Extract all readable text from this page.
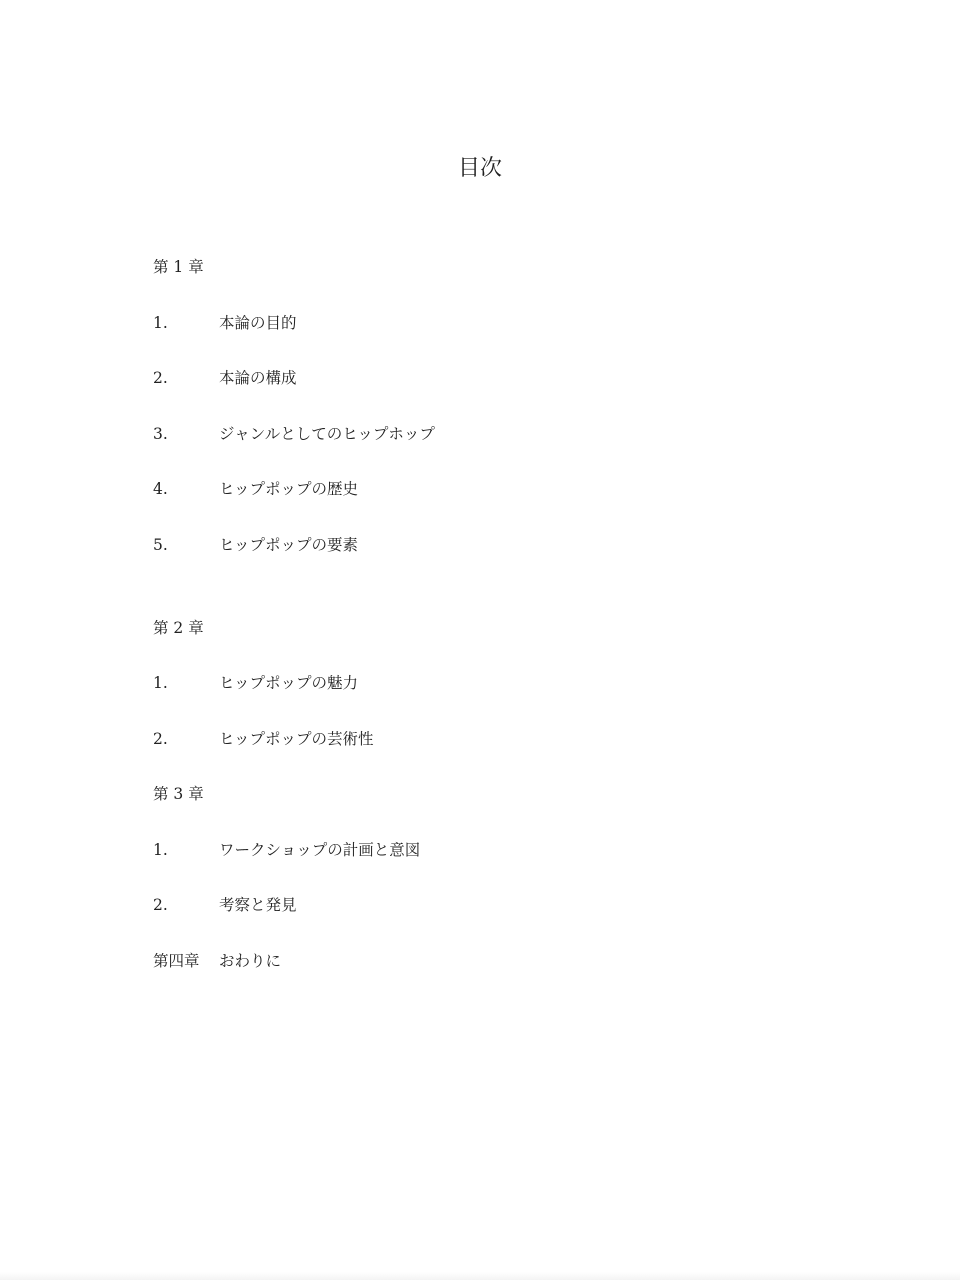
目次
第 1 章
1.	本論の目的
2.	本論の構成
3.	ジャンルとしてのヒップホップ
4.	ヒップポップの歴史
5.	ヒップポップの要素
第 2 章
1.	ヒップポップの魅力
2.	ヒップポップの芸術性
第 3 章
1.	ワークショップの計画と意図
2.	考察と発見
第四章 おわりに
